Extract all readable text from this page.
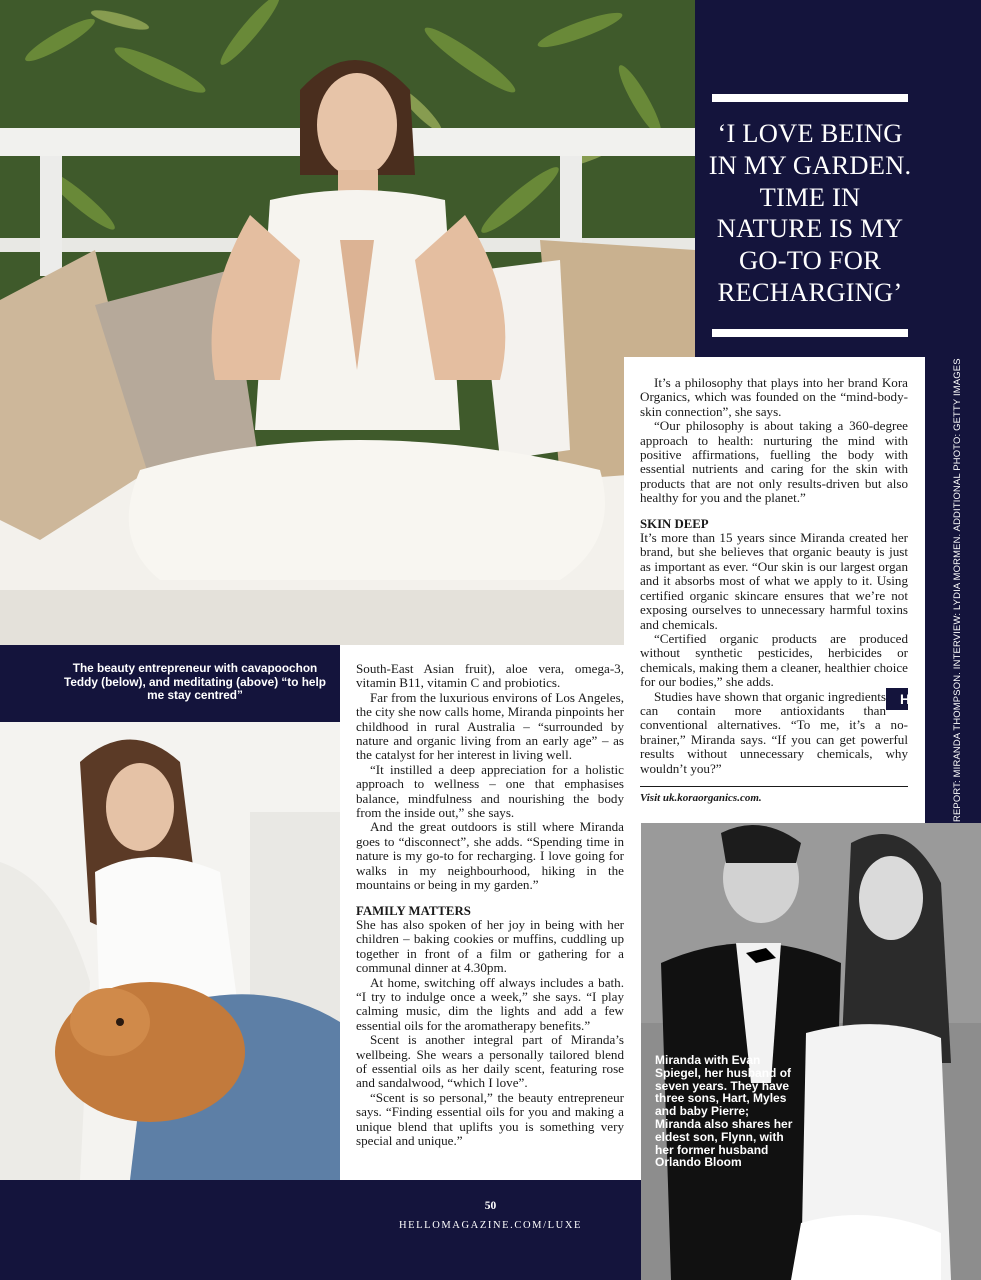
‘I LOVE BEING IN MY GARDEN. TIME IN NATURE IS MY GO-TO FOR RECHARGING’
REPORT: MIRANDA THOMPSON. INTERVIEW: LYDIA MORMEN. ADDITIONAL PHOTO: GETTY IMAGES
The beauty entrepreneur with cavapoochon Teddy (below), and meditating (above) “to help me stay centred”

South-East Asian fruit), aloe vera, omega-3, vitamin B11, vitamin C and probiotics.

Far from the luxurious environs of Los Angeles, the city she now calls home, Miranda pinpoints her childhood in rural Australia – “surrounded by nature and organic living from an early age” – as the catalyst for her interest in living well.

“It instilled a deep appreciation for a holistic approach to wellness – one that emphasises balance, mindfulness and nourishing the body from the inside out,” she says.

And the great outdoors is still where Miranda goes to “disconnect”, she adds. “Spending time in nature is my go-to for recharging. I love going for walks in my neighbourhood, hiking in the mountains or being in my garden.”

FAMILY MATTERS

She has also spoken of her joy in being with her children – baking cookies or muffins, cuddling up together in front of a film or gathering for a communal dinner at 4.30pm.

At home, switching off always includes a bath. “I try to indulge once a week,” she says. “I play calming music, dim the lights and add a few essential oils for the aromatherapy benefits.”

Scent is another integral part of Miranda’s wellbeing. She wears a personally tailored blend of essential oils as her daily scent, featuring rose and sandalwood, “which I love”.

“Scent is so personal,” the beauty entrepreneur says. “Finding essential oils for you and making a unique blend that uplifts you is something very special and unique.”

It’s a philosophy that plays into her brand Kora Organics, which was founded on the “mind-body-skin connection”, she says.

“Our philosophy is about taking a 360-degree approach to health: nurturing the mind with positive affirmations, fuelling the body with essential nutrients and caring for the skin with products that are not only results-driven but also healthy for you and the planet.”

SKIN DEEP

It’s more than 15 years since Miranda created her brand, but she believes that organic beauty is just as important as ever. “Our skin is our largest organ and it absorbs most of what we apply to it. Using certified organic skincare ensures that we’re not exposing ourselves to unnecessary harmful toxins and chemicals.

“Certified organic products are produced without synthetic pesticides, herbicides or chemicals, making them a cleaner, healthier choice for our bodies,” she adds.

H
Studies have shown that organic ingredients can contain more antioxidants than conventional alternatives. “To me, it’s a no-brainer,” Miranda says. “If you can get powerful results without unnecessary chemicals, why wouldn’t you?”

Visit uk.koraorganics.com.
Miranda with Evan Spiegel, her husband of seven years. They have three sons, Hart, Myles and baby Pierre; Miranda also shares her eldest son, Flynn, with her former husband Orlando Bloom
50
HELLOMAGAZINE.COM/LUXE
